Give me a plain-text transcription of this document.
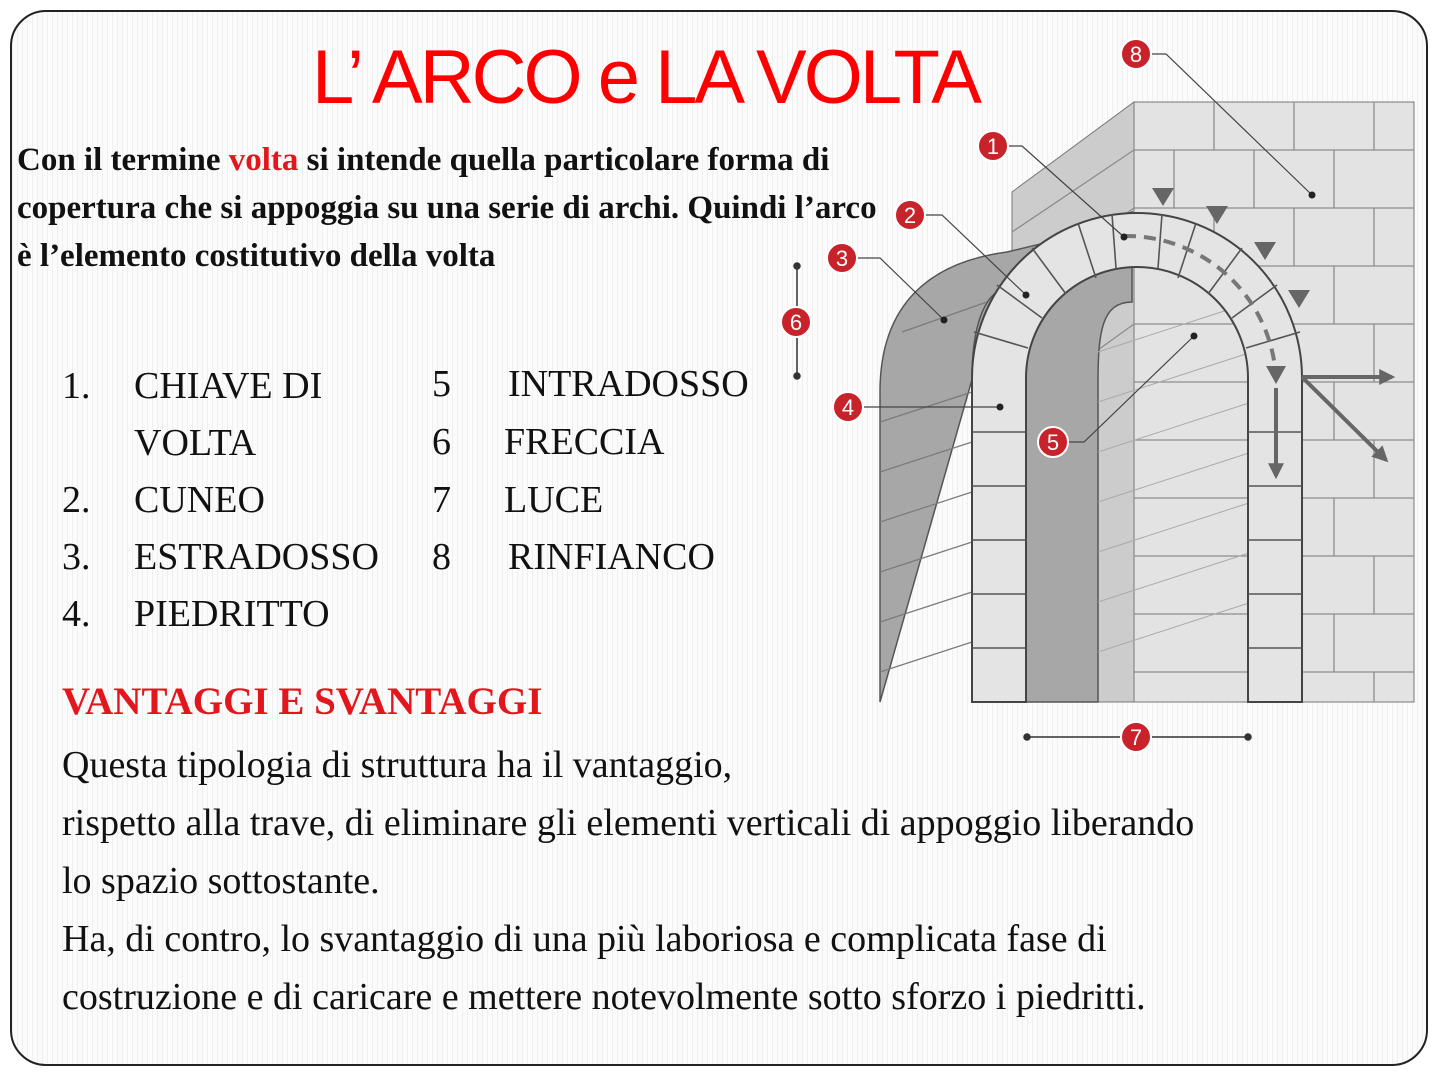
L’ ARCO e LA VOLTA

Con il termine volta si intende quella particolare forma di copertura che si appoggia su una serie di archi. Quindi l’arco è l’elemento costitutivo della volta

1.	CHIAVE DI VOLTA
2.	CUNEO
3.	ESTRADOSSO
4.	PIEDRITTO
5 INTRADOSSO
6 FRECCIA
7 LUCE
8 RINFIANCO
VANTAGGI E SVANTAGGI

Questa tipologia di struttura ha il vantaggio,
rispetto alla trave, di eliminare gli elementi verticali di appoggio liberando
lo spazio sottostante.
Ha, di contro, lo svantaggio di una più laboriosa e complicata fase di
costruzione e di caricare e mettere notevolmente sotto sforzo i piedritti.

1
2
3
4
5
6
7
8
